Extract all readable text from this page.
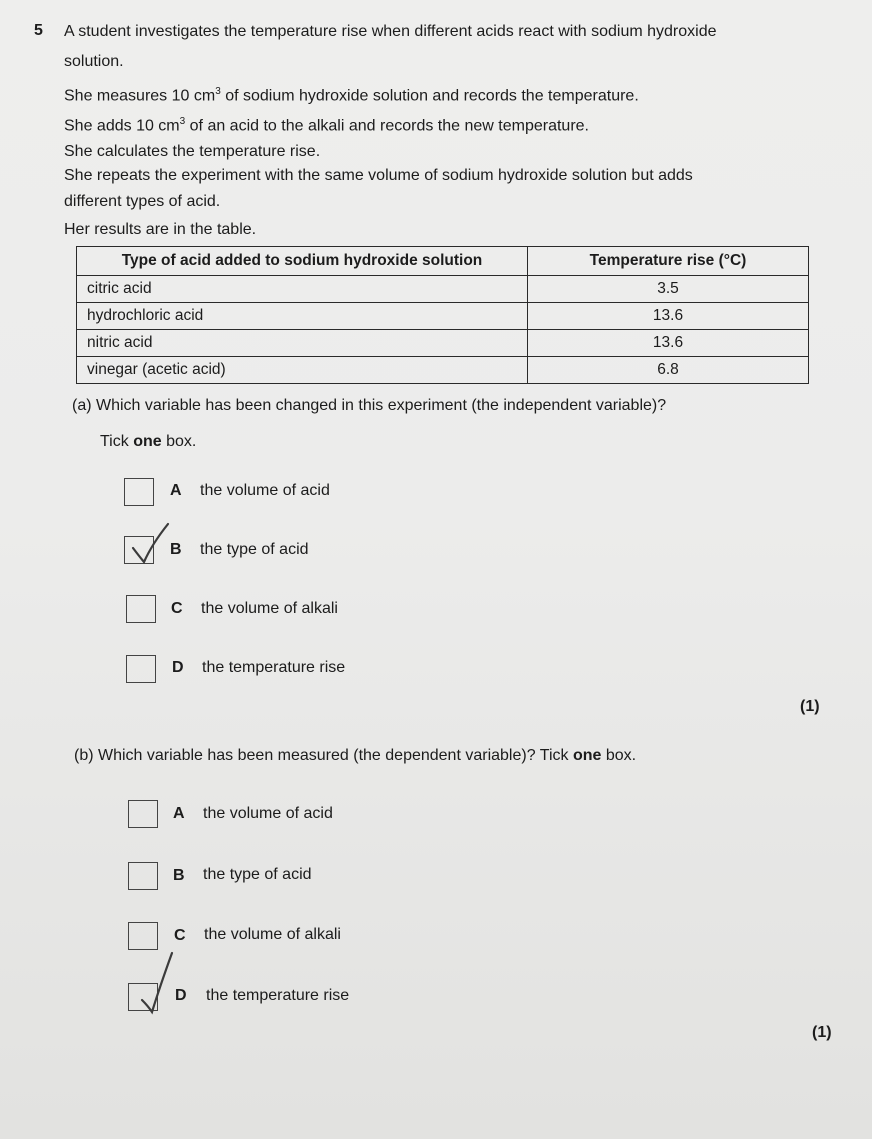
5 A student investigates the temperature rise when different acids react with sodium hydroxide
solution.
She measures 10 $cm^3$ of sodium hydroxide solution and records the temperature.
She adds 10 $cm^3$ of an acid to the alkali and records the new temperature.
She calculates the temperature rise.
She repeats the experiment with the same volume of sodium hydroxide solution but adds
different types of acid.
Her results are in the table.
Type of acid added to sodium hydroxide solution	Temperature rise (°C)
citric acid	3.5
hydrochloric acid	13.6
nitric acid	13.6
vinegar (acetic acid)	6.8
(a) Which variable has been changed in this experiment (the independent variable)?
Tick one box.
A the volume of acid
B the type of acid
C the volume of alkali
D the temperature rise
(1)
(b) Which variable has been measured (the dependent variable)? Tick one box.
A the volume of acid
B the type of acid
C the volume of alkali
D the temperature rise
(1)
